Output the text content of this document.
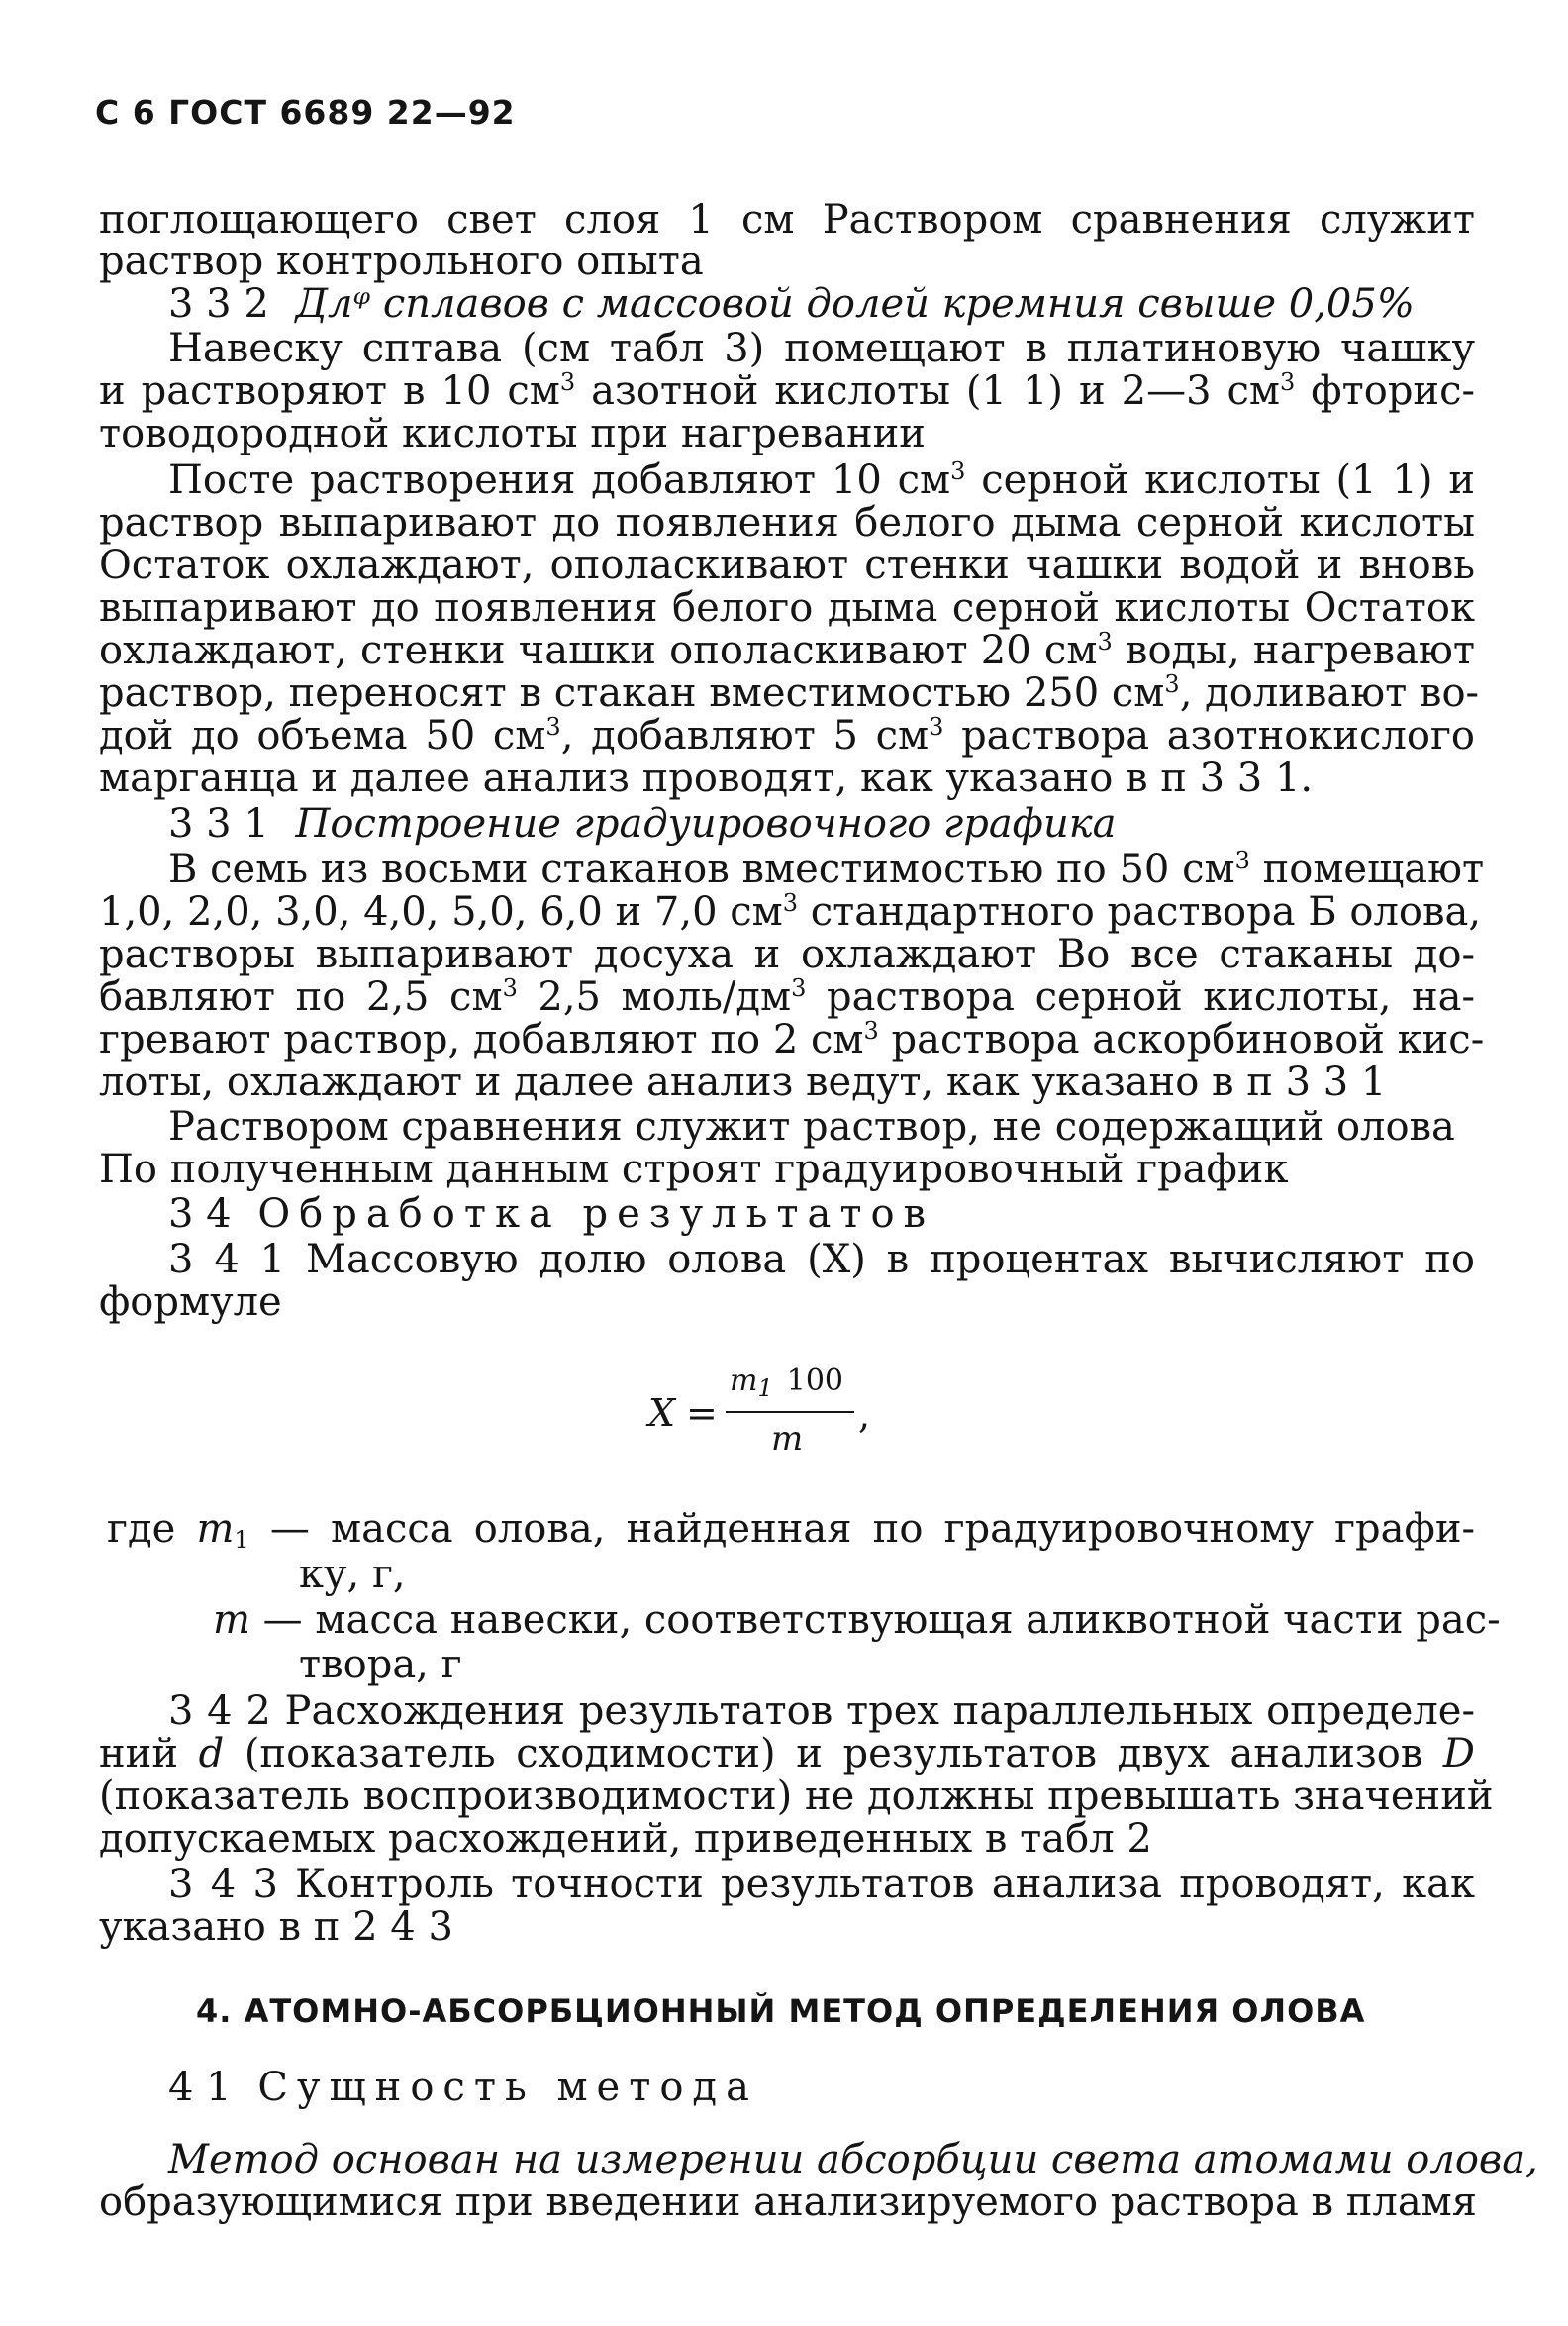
С 6 ГОСТ 6689 22—92
поглощающего свет слоя 1 см Раствором сравнения служит
раствор контрольного опыта
3 3 2 Длᵠ сплавов с массовой долей кремния свыше 0,05%
Навеску сптава (см табл 3) помещают в платиновую чашку
и растворяют в 10 $см^3$ азотной кислоты (1 1) и 2—3 $см^3$ фторис-
товодородной кислоты при нагревании
Посте растворения добавляют 10 $см^3$ серной кислоты (1 1) и
раствор выпаривают до появления белого дыма серной кислоты
Остаток охлаждают, ополаскивают стенки чашки водой и вновь
выпаривают до появления белого дыма серной кислоты Остаток
охлаждают, стенки чашки ополаскивают 20 $см^3$ воды, нагревают
раствор, переносят в стакан вместимостью 250 $см^3$, доливают во-
дой до объема 50 $см^3$, добавляют 5 $см^3$ раствора азотнокислого
марганца и далее анализ проводят, как указано в п 3 3 1.
3 3 1 Построение градуировочного графика
В семь из восьми стаканов вместимостью по 50 $см^3$ помещают
1,0, 2,0, 3,0, 4,0, 5,0, 6,0 и 7,0 $см^3$ стандартного раствора Б олова,
растворы выпаривают досуха и охлаждают Во все стаканы до-
бавляют по 2,5 $см^3$ 2,5 моль/$дм^3$ раствора серной кислоты, на-
гревают раствор, добавляют по 2 $см^3$ раствора аскорбиновой кис-
лоты, охлаждают и далее анализ ведут, как указано в п 3 3 1
Раствором сравнения служит раствор, не содержащий олова
По полученным данным строят градуировочный график
3 4 Обработка результатов
3 4 1 Массовую долю олова (X) в процентах вычисляют по
формуле
X =
$m_1$ 100
m
,
где $m_1$ — масса олова, найденная по градуировочному графи-
ку, г,
m — масса навески, соответствующая аликвотной части рас-
твора, г
3 4 2 Расхождения результатов трех параллельных определе-
ний d (показатель сходимости) и результатов двух анализов D
(показатель воспроизводимости) не должны превышать значений
допускаемых расхождений, приведенных в табл 2
3 4 3 Контроль точности результатов анализа проводят, как
указано в п 2 4 3
4. АТОМНО-АБСОРБЦИОННЫЙ МЕТОД ОПРЕДЕЛЕНИЯ ОЛОВА
4 1 Сущность метода
Метод основан на измерении абсорбции света атомами олова,
образующимися при введении анализируемого раствора в пламя
